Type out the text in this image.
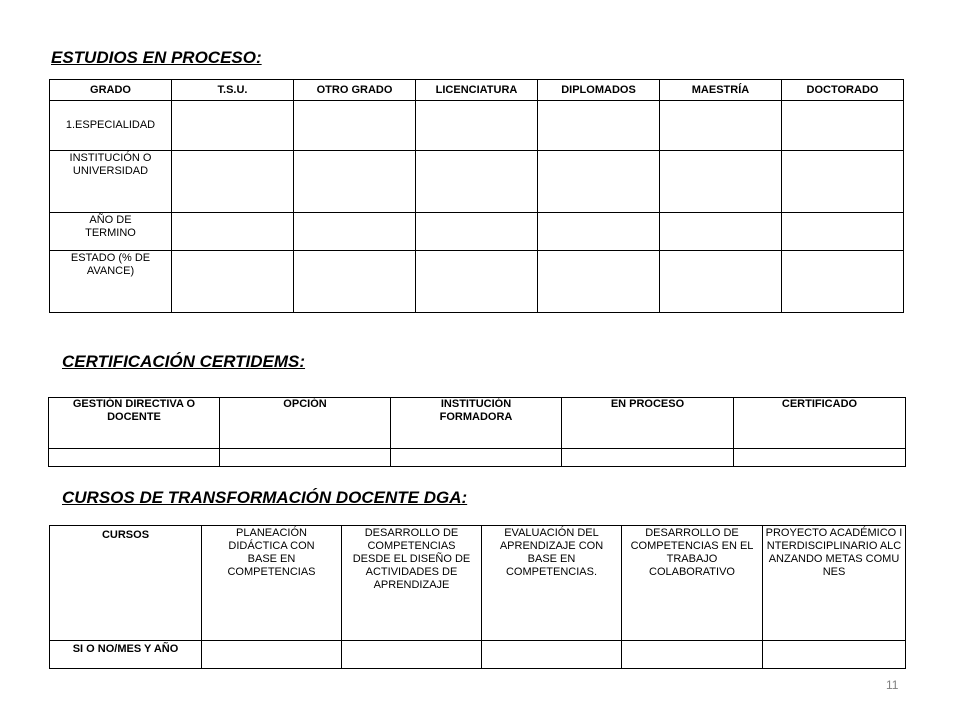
ESTUDIOS EN PROCESO:
GRADO	T.S.U.	OTRO GRADO	LICENCIATURA	DIPLOMADOS	MAESTRÍA	DOCTORADO
1.ESPECIALIDAD						
INSTITUCIÓN O UNIVERSIDAD						
AÑO DE TERMINO						
ESTADO (% DE AVANCE)						
CERTIFICACIÓN CERTIDEMS:
GESTIÓN DIRECTIVA O DOCENTE	OPCIÓN	INSTITUCIÓN FORMADORA	EN PROCESO	CERTIFICADO

CURSOS DE TRANSFORMACIÓN DOCENTE DGA:
CURSOS	PLANEACIÓN DIDÁCTICA CON BASE EN COMPETENCIAS	DESARROLLO DE COMPETENCIAS DESDE EL DISEÑO DE ACTIVIDADES DE APRENDIZAJE	EVALUACIÓN DEL APRENDIZAJE CON BASE EN COMPETENCIAS.	DESARROLLO DE COMPETENCIAS EN EL TRABAJO COLABORATIVO	PROYECTO ACADÉMICO INTERDISCIPLINARIO ALCANZANDO METAS COMUNES
SI O NO/MES Y AÑO					
11
